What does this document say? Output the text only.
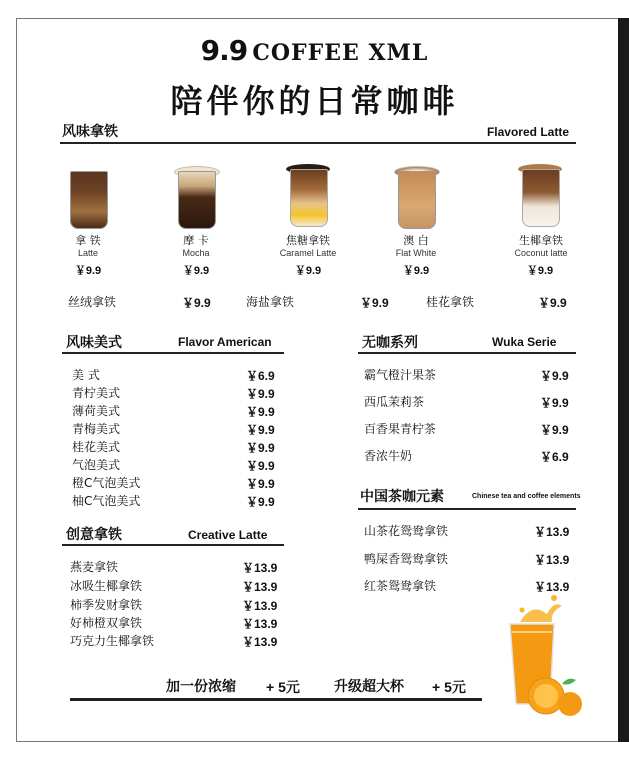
9.9 COFFEE XML
陪伴你的日常咖啡
风味拿铁	Flavored Latte
拿 铁
Latte
￥9.9
摩 卡
Mocha
￥9.9
焦糖拿铁
Caramel Latte
￥9.9
澳 白
Flat White
￥9.9
生椰拿铁
Coconut latte
￥9.9
丝绒拿铁	￥9.9	海盐拿铁	￥9.9	桂花拿铁	￥9.9
风味美式	Flavor American
美 式	￥6.9
青柠美式	￥9.9
薄荷美式	￥9.9
青梅美式	￥9.9
桂花美式	￥9.9
气泡美式	￥9.9
橙C气泡美式	￥9.9
柚C气泡美式	￥9.9
创意拿铁	Creative Latte
燕麦拿铁	￥13.9
冰吸生椰拿铁	￥13.9
柿季发财拿铁	￥13.9
好柿橙双拿铁	￥13.9
巧克力生椰拿铁	￥13.9
无咖系列	Wuka Serie
霸气橙汁果茶	￥9.9
西瓜茉莉茶	￥9.9
百香果青柠茶	￥9.9
香浓牛奶	￥6.9
中国茶咖元素	Chinese tea and coffee elements
山茶花鸳鸯拿铁	￥13.9
鸭屎香鸳鸯拿铁	￥13.9
红茶鸳鸯拿铁	￥13.9
加一份浓缩 + 5元 升级超大杯 + 5元
